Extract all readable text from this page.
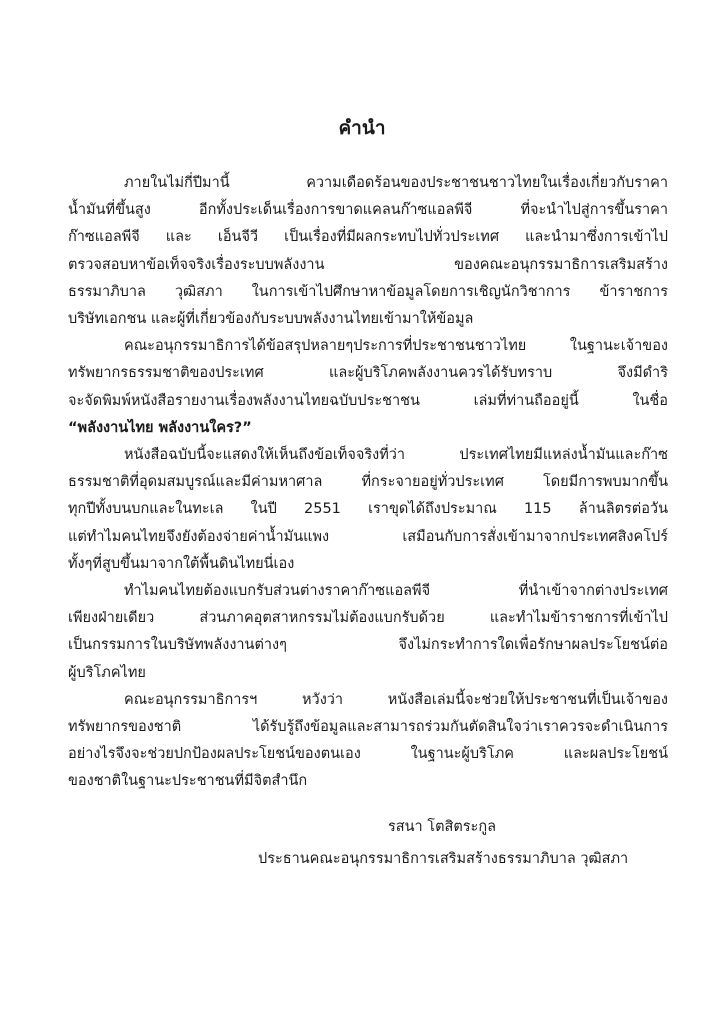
คำนำ
ภายในไม่กี่ปีมานี้ ความเดือดร้อนของประชาชนชาวไทยในเรื่องเกี่ยวกับราคา
น้ำมันที่ขึ้นสูง อีกทั้งประเด็นเรื่องการขาดแคลนก๊าซแอลพีจี ที่จะนำไปสู่การขึ้นราคา
ก๊าซแอลพีจี และ เอ็นจีวี เป็นเรื่องที่มีผลกระทบไปทั่วประเทศ และนำมาซึ่งการเข้าไป
ตรวจสอบหาข้อเท็จจริงเรื่องระบบพลังงาน ของคณะอนุกรรมาธิการเสริมสร้าง
ธรรมาภิบาล วุฒิสภา ในการเข้าไปศึกษาหาข้อมูลโดยการเชิญนักวิชาการ ข้าราชการ
บริษัทเอกชน และผู้ที่เกี่ยวข้องกับระบบพลังงานไทยเข้ามาให้ข้อมูล
คณะอนุกรรมาธิการได้ข้อสรุปหลายๆประการที่ประชาชนชาวไทย ในฐานะเจ้าของ
ทรัพยากรธรรมชาติของประเทศ และผู้บริโภคพลังงานควรได้รับทราบ จึงมีดำริ
จะจัดพิมพ์หนังสือรายงานเรื่องพลังงานไทยฉบับประชาชน เล่มที่ท่านถืออยู่นี้ ในชื่อ
“พลังงานไทย พลังงานใคร?”
หนังสือฉบับนี้จะแสดงให้เห็นถึงข้อเท็จจริงที่ว่า ประเทศไทยมีแหล่งน้ำมันและก๊าซ
ธรรมชาติที่อุดมสมบูรณ์และมีค่ามหาศาล ที่กระจายอยู่ทั่วประเทศ โดยมีการพบมากขึ้น
ทุกปีทั้งบนบกและในทะเล ในปี 2551 เราขุดได้ถึงประมาณ 115 ล้านลิตรต่อวัน
แต่ทำไมคนไทยจึงยังต้องจ่ายค่าน้ำมันแพง เสมือนกับการสั่งเข้ามาจากประเทศสิงคโปร์
ทั้งๆที่สูบขึ้นมาจากใต้พื้นดินไทยนี่เอง
ทำไมคนไทยต้องแบกรับส่วนต่างราคาก๊าซแอลพีจี ที่นำเข้าจากต่างประเทศ
เพียงฝ่ายเดียว ส่วนภาคอุตสาหกรรมไม่ต้องแบกรับด้วย และทำไมข้าราชการที่เข้าไป
เป็นกรรมการในบริษัทพลังงานต่างๆ จึงไม่กระทำการใดเพื่อรักษาผลประโยชน์ต่อ
ผู้บริโภคไทย
คณะอนุกรรมาธิการฯ หวังว่า หนังสือเล่มนี้จะช่วยให้ประชาชนที่เป็นเจ้าของ
ทรัพยากรของชาติ ได้รับรู้ถึงข้อมูลและสามารถร่วมกันตัดสินใจว่าเราควรจะดำเนินการ
อย่างไรจึงจะช่วยปกป้องผลประโยชน์ของตนเอง ในฐานะผู้บริโภค และผลประโยชน์
ของชาติในฐานะประชาชนที่มีจิตสำนึก
รสนา โตสิตระกูล
ประธานคณะอนุกรรมาธิการเสริมสร้างธรรมาภิบาล วุฒิสภา
